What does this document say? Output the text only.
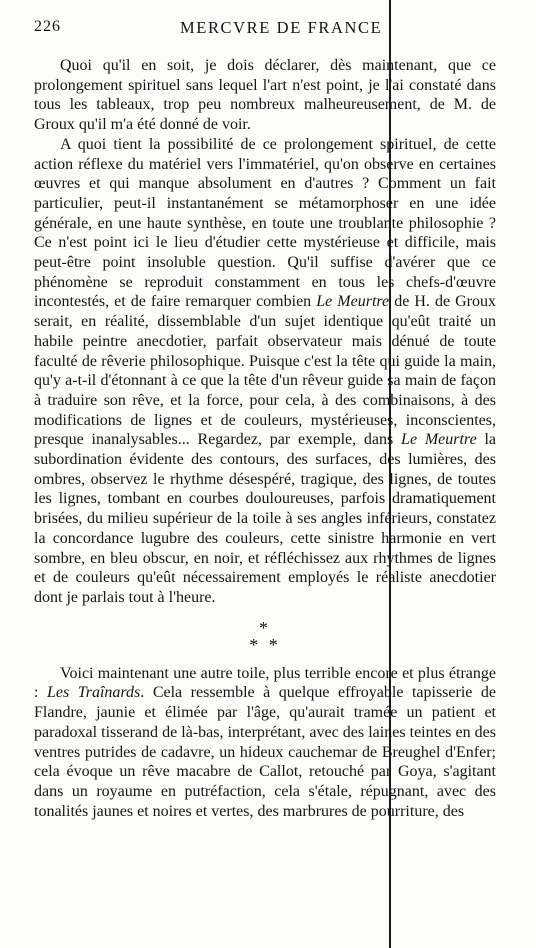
226	MERCVRE DE FRANCE

Quoi qu'il en soit, je dois déclarer, dès maintenant, que ce prolongement spirituel sans lequel l'art n'est point, je l'ai constaté dans tous les tableaux, trop peu nombreux malheureusement, de M. de Groux qu'il m'a été donné de voir.

A quoi tient la possibilité de ce prolongement spirituel, de cette action réflexe du matériel vers l'immatériel, qu'on observe en certaines œuvres et qui manque absolument en d'autres ? Comment un fait particulier, peut-il instantanément se métamorphoser en une idée générale, en une haute synthèse, en toute une troublante philosophie ? Ce n'est point ici le lieu d'étudier cette mystérieuse et difficile, mais peut-être point insoluble question. Qu'il suffise d'avérer que ce phénomène se reproduit constamment en tous les chefs-d'œuvre incontestés, et de faire remarquer combien Le Meurtre de H. de Groux serait, en réalité, dissemblable d'un sujet identique qu'eût traité un habile peintre anecdotier, parfait observateur mais dénué de toute faculté de rêverie philosophique. Puisque c'est la tête qui guide la main, qu'y a-t-il d'étonnant à ce que la tête d'un rêveur guide sa main de façon à traduire son rêve, et la force, pour cela, à des combinaisons, à des modifications de lignes et de couleurs, mystérieuses, inconscientes, presque inanalysables... Regardez, par exemple, dans Le Meurtre la subordination évidente des contours, des surfaces, des lumières, des ombres, observez le rhythme désespéré, tragique, des lignes, de toutes les lignes, tombant en courbes douloureuses, parfois dramatiquement brisées, du milieu supérieur de la toile à ses angles inférieurs, constatez la concordance lugubre des couleurs, cette sinistre harmonie en vert sombre, en bleu obscur, en noir, et réfléchissez aux rhythmes de lignes et de couleurs qu'eût nécessairement employés le réaliste anecdotier dont je parlais tout à l'heure.

*
* *

Voici maintenant une autre toile, plus terrible encore et plus étrange : Les Traînards. Cela ressemble à quelque effroyable tapisserie de Flandre, jaunie et élimée par l'âge, qu'aurait tramée un patient et paradoxal tisserand de là-bas, interprétant, avec des laines teintes en des ventres putrides de cadavre, un hideux cauchemar de Breughel d'Enfer; cela évoque un rêve macabre de Callot, retouché par Goya, s'agitant dans un royaume en putréfaction, cela s'étale, répugnant, avec des tonalités jaunes et noires et vertes, des marbrures de pourriture, des
